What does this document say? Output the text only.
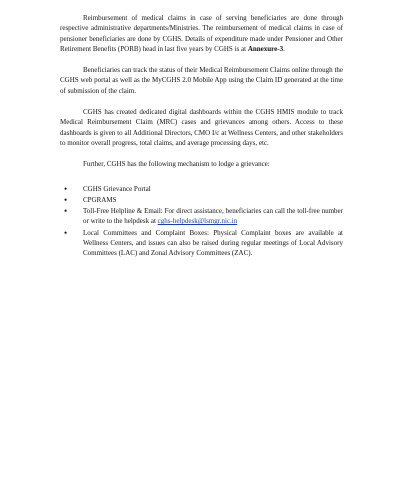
Reimbursement of medical claims in case of serving beneficiaries are done through respective administrative departments/Ministries. The reimbursement of medical claims in case of pensioner beneficiaries are done by CGHS. Details of expenditure made under Pensioner and Other Retirement Benefits (PORB) head in last five years by CGHS is at Annexure-3.

Beneficiaries can track the status of their Medical Reimbursement Claims online through the CGHS web portal as well as the MyCGHS 2.0 Mobile App using the Claim ID generated at the time of submission of the claim.

CGHS has created dedicated digital dashboards within the CGHS HMIS module to track Medical Reimbursement Claim (MRC) cases and grievances among others. Access to these dashboards is given to all Additional Directors, CMO I/c at Wellness Centers, and other stakeholders to monitor overall progress, total claims, and average processing days, etc.

Further, CGHS has the following mechanism to lodge a grievance:

• CGHS Grievance Portal
• CPGRAMS
• Toll-Free Helpline & Email: For direct assistance, beneficiaries can call the toll-free number or write to the helpdesk at cghs-helpdesk@lsmgr.nic.in
• Local Committees and Complaint Boxes: Physical Complaint boxes are available at Wellness Centers, and issues can also be raised during regular meetings of Local Advisory Committees (LAC) and Zonal Advisory Committees (ZAC).
